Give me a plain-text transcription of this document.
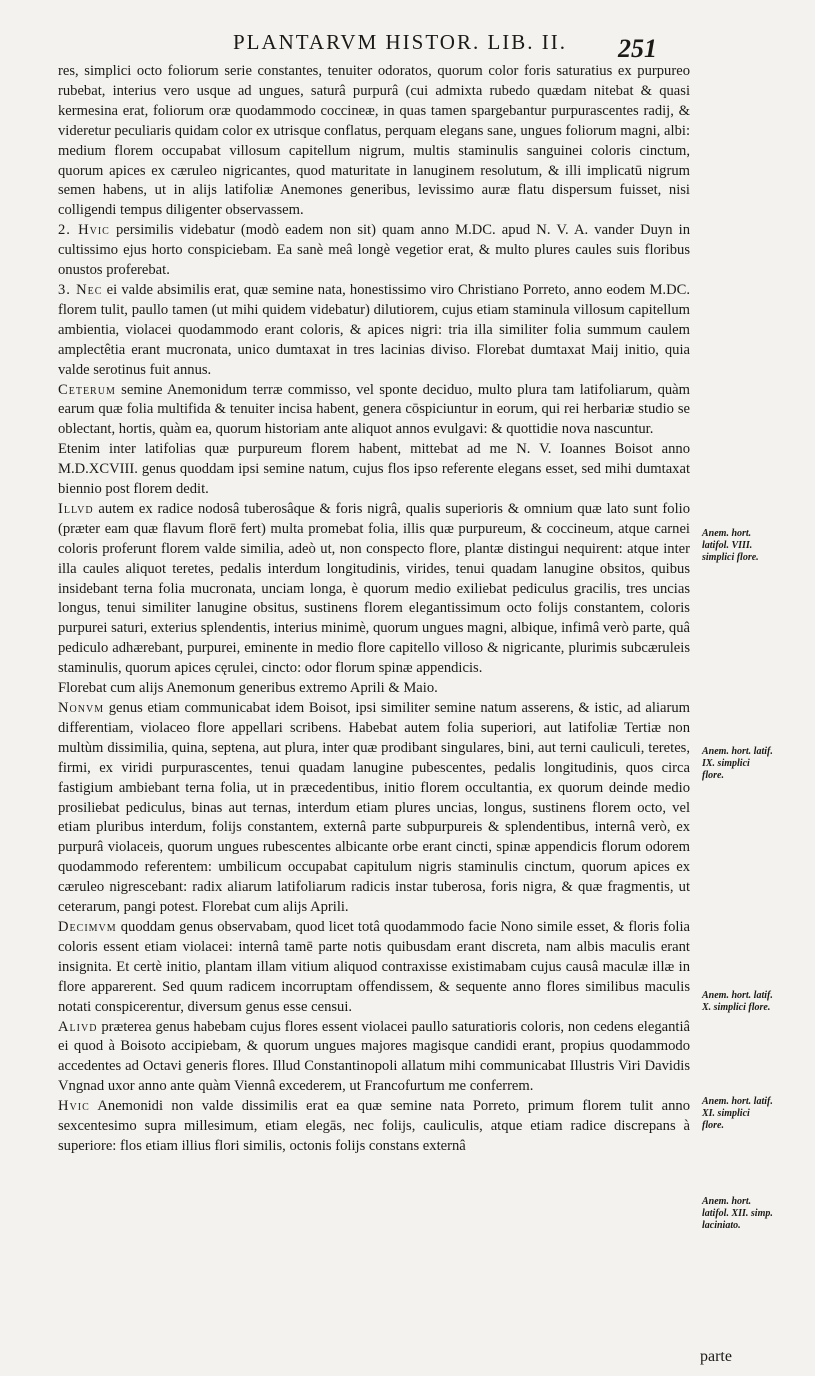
PLANTARVM HISTOR. LIB. II.	251

res, simplici octo foliorum serie constantes, tenuiter odoratos, quorum color foris saturatius ex purpureo rubebat, interius vero usque ad ungues, saturâ purpurâ (cui admixta rubedo quædam nitebat & quasi kermesina erat, foliorum oræ quodammodo coccineæ, in quas tamen spargebantur purpurascentes radij, & videretur peculiaris quidam color ex utrisque conflatus, perquam elegans sane, ungues foliorum magni, albi: medium florem occupabat villosum capitellum nigrum, multis staminulis sanguinei coloris cinctum, quorum apices ex cæruleo nigricantes, quod maturitate in lanuginem resolutum, & illi implicatū nigrum semen habens, ut in alijs latifoliæ Anemones generibus, levissimo auræ flatu dispersum fuisset, nisi colligendi tempus diligenter observassem.

2. Hvic persimilis videbatur (modò eadem non sit) quam anno M.DC. apud N. V. A. vander Duyn in cultissimo ejus horto conspiciebam. Ea sanè meâ longè vegetior erat, & multo plures caules suis floribus onustos proferebat.

3. Nec ei valde absimilis erat, quæ semine nata, honestissimo viro Christiano Porreto, anno eodem M.DC. florem tulit, paullo tamen (ut mihi quidem videbatur) dilutiorem, cujus etiam staminula villosum capitellum ambientia, violacei quodammodo erant coloris, & apices nigri: tria illa similiter folia summum caulem amplectêtia erant mucronata, unico dumtaxat in tres lacinias diviso. Florebat dumtaxat Maij initio, quia valde serotinus fuit annus.

Ceterum semine Anemonidum terræ commisso, vel sponte deciduo, multo plura tam latifoliarum, quàm earum quæ folia multifida & tenuiter incisa habent, genera cōspiciuntur in eorum, qui rei herbariæ studio se oblectant, hortis, quàm ea, quorum historiam ante aliquot annos evulgavi: & quottidie nova nascuntur.

Etenim inter latifolias quæ purpureum florem habent, mittebat ad me N. V. Ioannes Boisot anno M.D.XCVIII. genus quoddam ipsi semine natum, cujus flos ipso referente elegans esset, sed mihi dumtaxat biennio post florem dedit.

Illvd autem ex radice nodosâ tuberosâque & foris nigrâ, qualis superioris & omnium quæ lato sunt folio (præter eam quæ flavum florē fert) multa promebat folia, illis quæ purpureum, & coccineum, atque carnei coloris proferunt florem valde similia, adeò ut, non conspecto flore, plantæ distingui nequirent: atque inter illa caules aliquot teretes, pedalis interdum longitudinis, virides, tenui quadam lanugine obsitos, quibus insidebant terna folia mucronata, unciam longa, è quorum medio exiliebat pediculus gracilis, tres uncias longus, tenui similiter lanugine obsitus, sustinens florem elegantissimum octo folijs constantem, coloris purpurei saturi, exterius splendentis, interius minimè, quorum ungues magni, albique, infimâ verò parte, quâ pediculo adhærebant, purpurei, eminente in medio flore capitello villoso & nigricante, plurimis subcæruleis staminulis, quorum apices cęrulei, cincto: odor florum spinæ appendicis.

Florebat cum alijs Anemonum generibus extremo Aprili & Maio.

Nonvm genus etiam communicabat idem Boisot, ipsi similiter semine natum asserens, & istic, ad aliarum differentiam, violaceo flore appellari scribens. Habebat autem folia superiori, aut latifoliæ Tertiæ non multùm dissimilia, quina, septena, aut plura, inter quæ prodibant singulares, bini, aut terni cauliculi, teretes, firmi, ex viridi purpurascentes, tenui quadam lanugine pubescentes, pedalis longitudinis, quos circa fastigium ambiebant terna folia, ut in præcedentibus, initio florem occultantia, ex quorum deinde medio prosiliebat pediculus, binas aut ternas, interdum etiam plures uncias, longus, sustinens florem octo, vel etiam pluribus interdum, folijs constantem, externâ parte subpurpureis & splendentibus, internâ verò, ex purpurâ violaceis, quorum ungues rubescentes albicante orbe erant cincti, spinæ appendicis florum odorem quodammodo referentem: umbilicum occupabat capitulum nigris staminulis cinctum, quorum apices ex cæruleo nigrescebant: radix aliarum latifoliarum radicis instar tuberosa, foris nigra, & quæ fragmentis, ut ceterarum, pangi potest. Florebat cum alijs Aprili.

Decimvm quoddam genus observabam, quod licet totâ quodammodo facie Nono simile esset, & floris folia coloris essent etiam violacei: internâ tamē parte notis quibusdam erant discreta, nam albis maculis erant insignita. Et certè initio, plantam illam vitium aliquod contraxisse existimabam cujus causâ maculæ illæ in flore apparerent. Sed quum radicem incorruptam offendissem, & sequente anno flores similibus maculis notati conspicerentur, diversum genus esse censui.

Alivd præterea genus habebam cujus flores essent violacei paullo saturatioris coloris, non cedens elegantiâ ei quod à Boisoto accipiebam, & quorum ungues majores magisque candidi erant, propius quodammodo accedentes ad Octavi generis flores. Illud Constantinopoli allatum mihi communicabat Illustris Viri Davidis Vngnad uxor anno ante quàm Viennâ excederem, ut Francofurtum me conferrem.

Hvic Anemonidi non valde dissimilis erat ea quæ semine nata Porreto, primum florem tulit anno sexcentesimo supra millesimum, etiam elegās, nec folijs, cauliculis, atque etiam radice discrepans à superiore: flos etiam illius flori similis, octonis folijs constans externâ

Anem. hort. latifol. VIII. simplici flore.
Anem. hort. latif. IX. simplici flore.
Anem. hort. latif. X. simplici flore.
Anem. hort. latif. XI. simplici flore.
Anem. hort. latifol. XII. simp. laciniato.
parte
